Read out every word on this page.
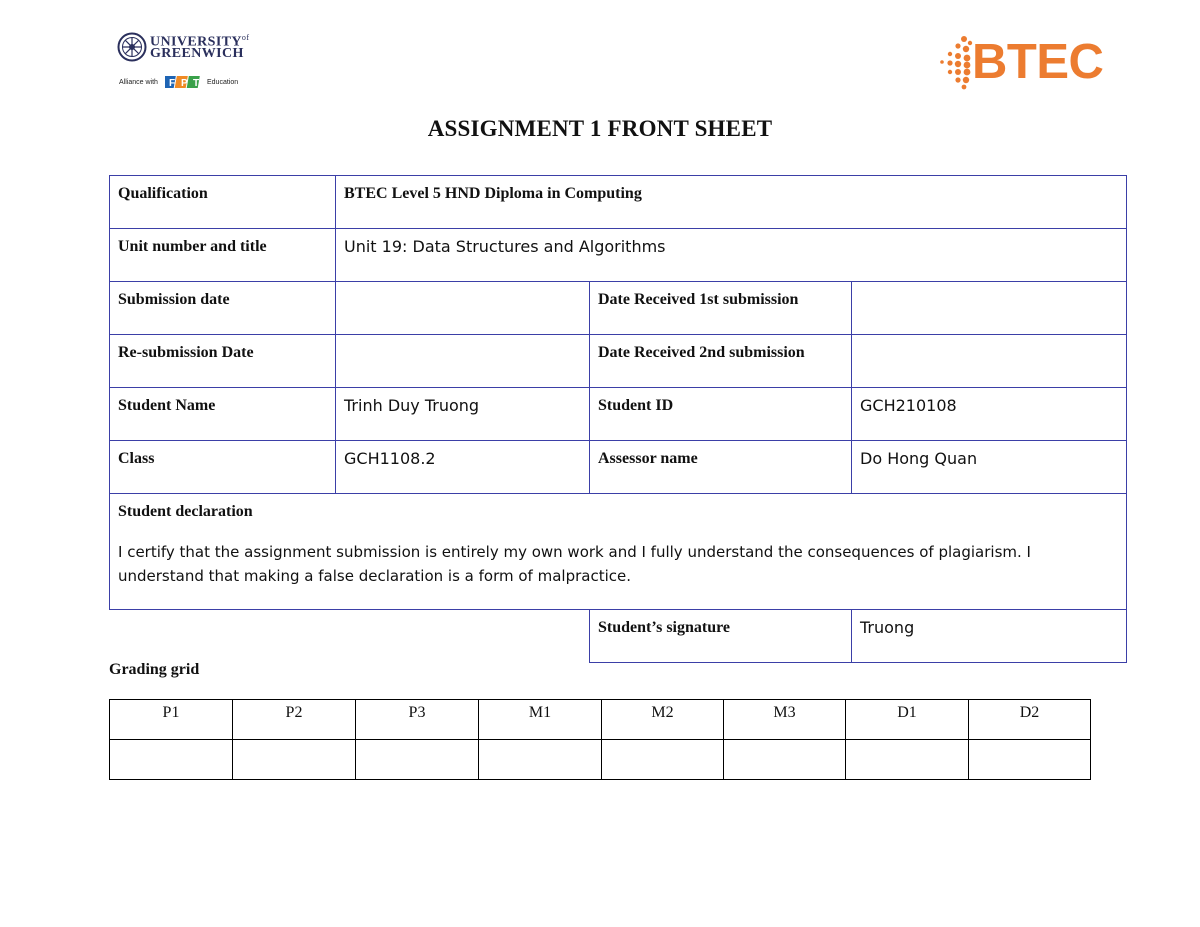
$UNIVERSITY^{of}$
GREENWICH
Alliance with F P T Education	BTEC
ASSIGNMENT 1 FRONT SHEET
Qualification	BTEC Level 5 HND Diploma in Computing		
Unit number and title	Unit 19: Data Structures and Algorithms		
Submission date		Date Received 1st submission	
Re-submission Date		Date Received 2nd submission	
Student Name	Trinh Duy Truong	Student ID	GCH210108
Class	GCH1108.2	Assessor name	Do Hong Quan

Student declaration
I certify that the assignment submission is entirely my own work and I fully understand the consequences of plagiarism. I understand that making a false declaration is a form of malpractice.			

		Student’s signature	Truong
Grading grid
P1	P2	P3	M1	M2	M3	D1	D2
